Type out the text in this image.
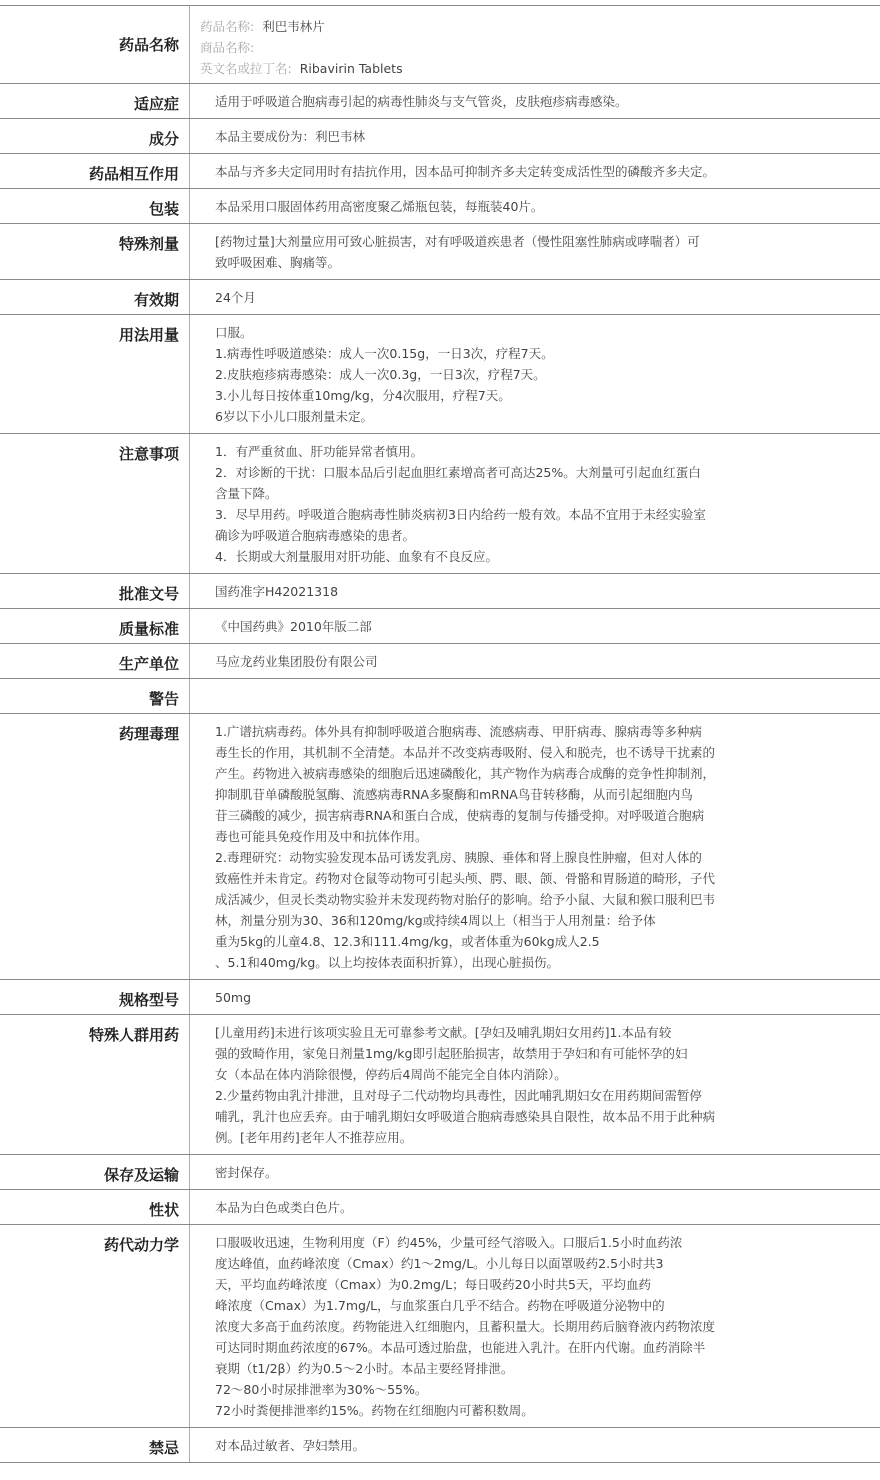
药品名称
药品名称: 利巴韦林片
商品名称:
英文名或拉丁名: Ribavirin Tablets
适应症	适用于呼吸道合胞病毒引起的病毒性肺炎与支气管炎，皮肤疱疹病毒感染。
成分	本品主要成份为：利巴韦林
药品相互作用	本品与齐多夫定同用时有拮抗作用，因本品可抑制齐多夫定转变成活性型的磷酸齐多夫定。
包装	本品采用口服固体药用高密度聚乙烯瓶包装，每瓶装40片。
特殊剂量	[药物过量]大剂量应用可致心脏损害，对有呼吸道疾患者（慢性阻塞性肺病或哮喘者）可
致呼吸困难、胸痛等。
有效期	24个月
用法用量	口服。
1.病毒性呼吸道感染：成人一次0.15g，一日3次，疗程7天。
2.皮肤疱疹病毒感染：成人一次0.3g，一日3次，疗程7天。
3.小儿每日按体重10mg/kg，分4次服用，疗程7天。
6岁以下小儿口服剂量未定。
注意事项	1．有严重贫血、肝功能异常者慎用。
2．对诊断的干扰：口服本品后引起血胆红素增高者可高达25%。大剂量可引起血红蛋白
含量下降。
3．尽早用药。呼吸道合胞病毒性肺炎病初3日内给药一般有效。本品不宜用于未经实验室
确诊为呼吸道合胞病毒感染的患者。
4．长期或大剂量服用对肝功能、血象有不良反应。
批准文号	国药准字H42021318
质量标准	《中国药典》2010年版二部
生产单位	马应龙药业集团股份有限公司
警告

药理毒理	1.广谱抗病毒药。体外具有抑制呼吸道合胞病毒、流感病毒、甲肝病毒、腺病毒等多种病
毒生长的作用，其机制不全清楚。本品并不改变病毒吸附、侵入和脱壳，也不诱导干扰素的
产生。药物进入被病毒感染的细胞后迅速磷酸化，其产物作为病毒合成酶的竞争性抑制剂，
抑制肌苷单磷酸脱氢酶、流感病毒RNA多聚酶和mRNA鸟苷转移酶，从而引起细胞内鸟
苷三磷酸的减少，损害病毒RNA和蛋白合成，使病毒的复制与传播受抑。对呼吸道合胞病
毒也可能具免疫作用及中和抗体作用。
2.毒理研究：动物实验发现本品可诱发乳房、胰腺、垂体和肾上腺良性肿瘤，但对人体的
致癌性并未肯定。药物对仓鼠等动物可引起头颅、腭、眼、颌、骨骼和胃肠道的畸形，子代
成活减少，但灵长类动物实验并未发现药物对胎仔的影响。给予小鼠、大鼠和猴口服利巴韦
林，剂量分别为30、36和120mg/kg或持续4周以上（相当于人用剂量：给予体
重为5kg的儿童4.8、12.3和111.4mg/kg，或者体重为60kg成人2.5
、5.1和40mg/kg。以上均按体表面积折算），出现心脏损伤。
规格型号	50mg
特殊人群用药	[儿童用药]未进行该项实验且无可靠参考文献。[孕妇及哺乳期妇女用药]1.本品有较
强的致畸作用，家兔日剂量1mg/kg即引起胚胎损害，故禁用于孕妇和有可能怀孕的妇
女（本品在体内消除很慢，停药后4周尚不能完全自体内消除）。
2.少量药物由乳汁排泄，且对母子二代动物均具毒性，因此哺乳期妇女在用药期间需暂停
哺乳，乳汁也应丢弃。由于哺乳期妇女呼吸道合胞病毒感染具自限性，故本品不用于此种病
例。[老年用药]老年人不推荐应用。
保存及运输	密封保存。
性状	本品为白色或类白色片。
药代动力学	口服吸收迅速，生物利用度（F）约45%，少量可经气溶吸入。口服后1.5小时血药浓
度达峰值，血药峰浓度（Cmax）约1～2mg/L。小儿每日以面罩吸药2.5小时共3
天，平均血药峰浓度（Cmax）为0.2mg/L；每日吸药20小时共5天，平均血药
峰浓度（Cmax）为1.7mg/L，与血浆蛋白几乎不结合。药物在呼吸道分泌物中的
浓度大多高于血药浓度。药物能进入红细胞内，且蓄积量大。长期用药后脑脊液内药物浓度
可达同时期血药浓度的67%。本品可透过胎盘，也能进入乳汁。在肝内代谢。血药消除半
衰期（t1/2β）约为0.5～2小时。本品主要经肾排泄。
72～80小时尿排泄率为30%～55%。
72小时粪便排泄率约15%。药物在红细胞内可蓄积数周。
禁忌	对本品过敏者、孕妇禁用。
